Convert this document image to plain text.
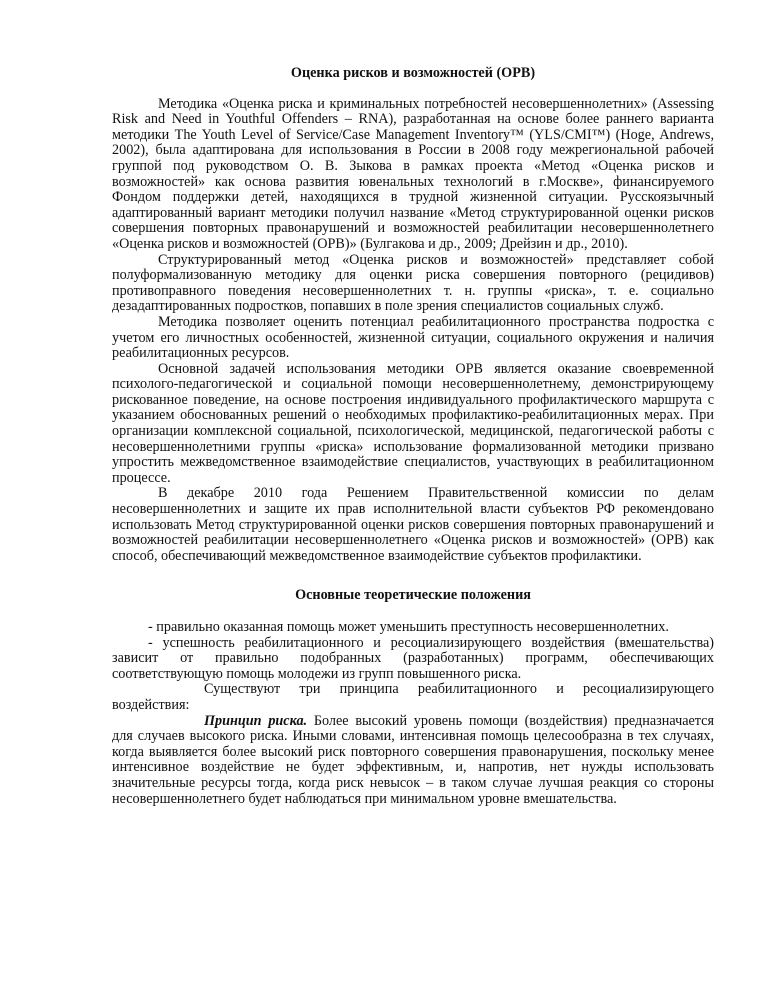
Оценка рисков и возможностей (ОРВ)

Методика «Оценка риска и криминальных потребностей несовершеннолетних» (Assessing Risk and Need in Youthful Offenders – RNA), разработанная на основе более раннего варианта методики The Youth Level of Service/Case Management Inventory™ (YLS/CMI™) (Hoge, Andrews, 2002), была адаптирована для использования в России в 2008 году межрегиональной рабочей группой под руководством О. В. Зыкова в рамках проекта «Метод «Оценка рисков и возможностей» как основа развития ювенальных технологий в г.Москве», финансируемого Фондом поддержки детей, находящихся в трудной жизненной ситуации. Русскоязычный адаптированный вариант методики получил название «Метод структурированной оценки рисков совершения повторных правонарушений и возможностей реабилитации несовершеннолетнего «Оценка рисков и возможностей (ОРВ)» (Булгакова и др., 2009; Дрейзин и др., 2010).

Структурированный метод «Оценка рисков и возможностей» представляет собой полуформализованную методику для оценки риска совершения повторного (рецидивов) противоправного поведения несовершеннолетних т. н. группы «риска», т. е. социально дезадаптированных подростков, попавших в поле зрения специалистов социальных служб.

Методика позволяет оценить потенциал реабилитационного пространства подростка с учетом его личностных особенностей, жизненной ситуации, социального окружения и наличия реабилитационных ресурсов.

Основной задачей использования методики ОРВ является оказание своевременной психолого-педагогической и социальной помощи несовершеннолетнему, демонстрирующему рискованное поведение, на основе построения индивидуального профилактического маршрута с указанием обоснованных решений о необходимых профилактико-реабилитационных мерах. При организации комплексной социальной, психологической, медицинской, педагогической работы с несовершеннолетними группы «риска» использование формализованной методики призвано упростить межведомственное взаимодействие специалистов, участвующих в реабилитационном процессе.

В декабре 2010 года Решением Правительственной комиссии по делам несовершеннолетних и защите их прав исполнительной власти субъектов РФ рекомендовано использовать Метод структурированной оценки рисков совершения повторных правонарушений и возможностей реабилитации несовершеннолетнего «Оценка рисков и возможностей» (ОРВ) как способ, обеспечивающий межведомственное взаимодействие субъектов профилактики.

Основные теоретические положения

- правильно оказанная помощь может уменьшить преступность несовершеннолетних.

- успешность реабилитационного и ресоциализирующего воздействия (вмешательства) зависит от правильно подобранных (разработанных) программ, обеспечивающих соответствующую помощь молодежи из групп повышенного риска.

Существуют три принципа реабилитационного и ресоциализирующего воздействия:

Принцип риска. Более высокий уровень помощи (воздействия) предназначается для случаев высокого риска. Иными словами, интенсивная помощь целесообразна в тех случаях, когда выявляется более высокий риск повторного совершения правонарушения, поскольку менее интенсивное воздействие не будет эффективным, и, напротив, нет нужды использовать значительные ресурсы тогда, когда риск невысок – в таком случае лучшая реакция со стороны несовершеннолетнего будет наблюдаться при минимальном уровне вмешательства.
